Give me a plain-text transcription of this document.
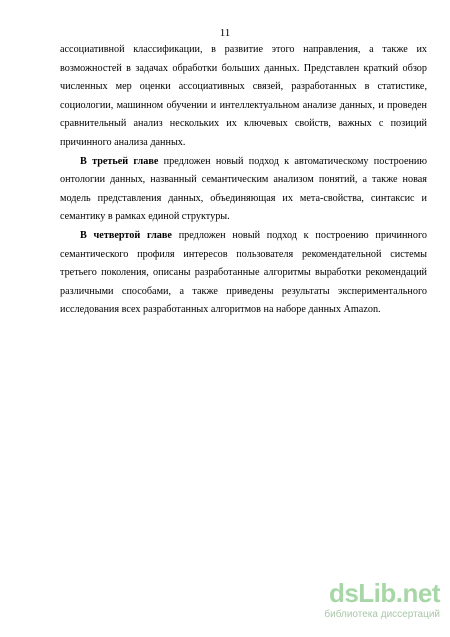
11

ассоциативной классификации, в развитие этого направления, а также их возможностей в задачах обработки больших данных. Представлен краткий обзор численных мер оценки ассоциативных связей, разработанных в статистике, социологии, машинном обучении и интеллектуальном анализе данных, и проведен сравнительный анализ нескольких их ключевых свойств, важных с позиций причинного анализа данных.

В третьей главе предложен новый подход к автоматическому построению онтологии данных, названный семантическим анализом понятий, а также новая модель представления данных, объединяющая их мета-свойства, синтаксис и семантику в рамках единой структуры.

В четвертой главе предложен новый подход к построению причинного семантического профиля интересов пользователя рекомендательной системы третьего поколения, описаны разработанные алгоритмы выработки рекомендаций различными способами, а также приведены результаты экспериментального исследования всех разработанных алгоритмов на наборе данных Amazon.

dsLib.net
библиотека диссертаций
